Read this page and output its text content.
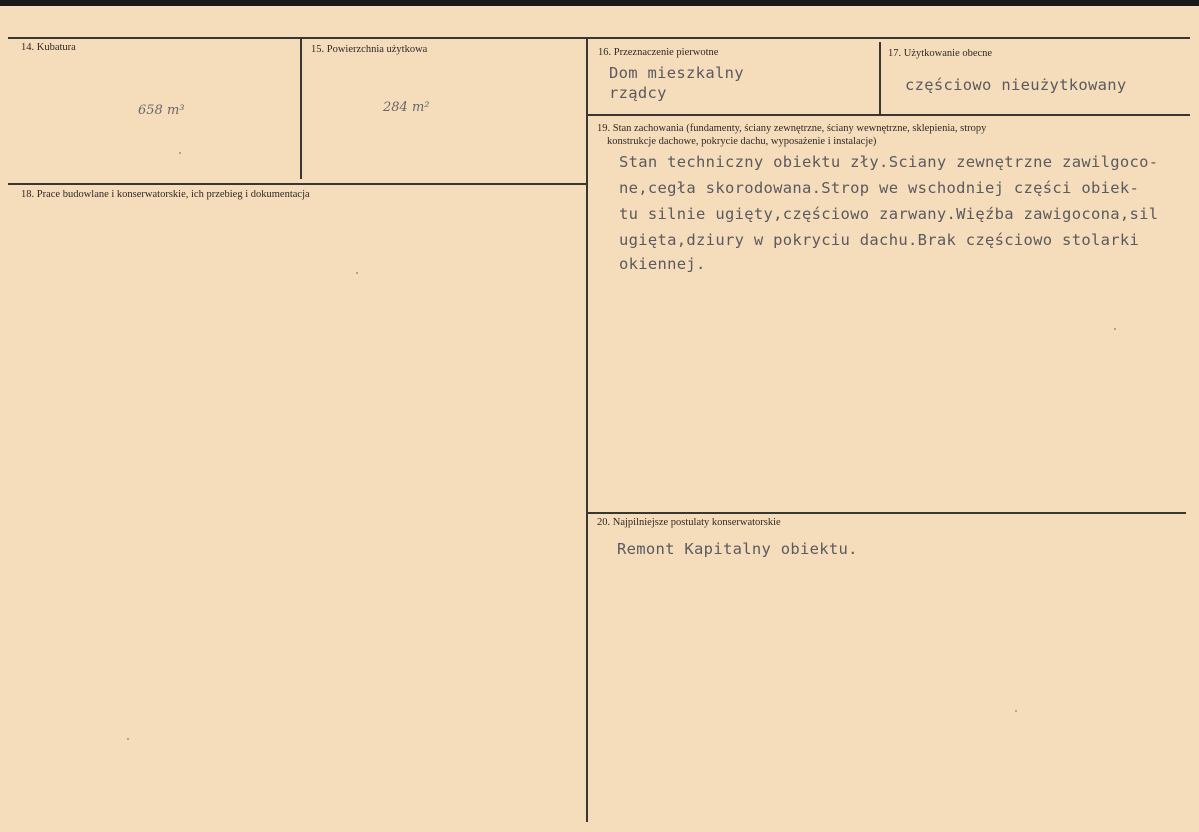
14. Kubatura
658 m³
15. Powierzchnia użytkowa
284 m²
16. Przeznaczenie pierwotne
Dom mieszkalny
rządcy
17. Użytkowanie obecne
częściowo nieużytkowany
18. Prace budowlane i konserwatorskie, ich przebieg i dokumentacja
19. Stan zachowania (fundamenty, ściany zewnętrzne, ściany wewnętrzne, sklepienia, stropy
konstrukcje dachowe, pokrycie dachu, wyposażenie i instalacje)
Stan techniczny obiektu zły.Sciany zewnętrzne zawilgoco-
ne,cegła skorodowana.Strop we wschodniej części obiek-
tu silnie ugięty,częściowo zarwany.Więźba zawigocona,sil
ugięta,dziury w pokryciu dachu.Brak częściowo stolarki
okiennej.
20. Najpilniejsze postulaty konserwatorskie
Remont Kapitalny obiektu.
